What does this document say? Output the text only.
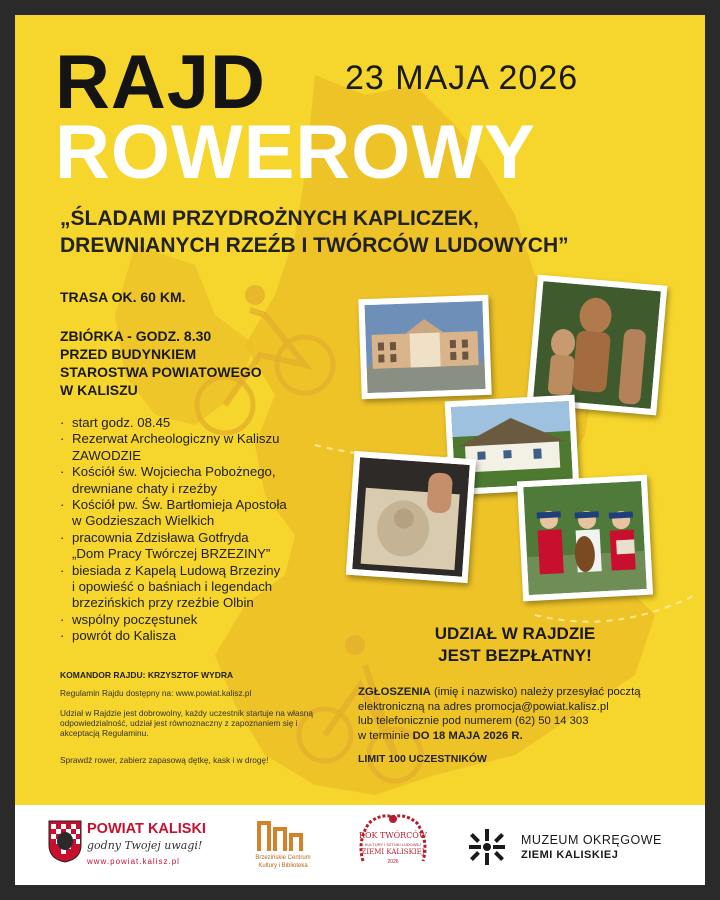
RAJD 23 MAJA 2026
ROWEROWY
„ŚLADAMI PRZYDROŻNYCH KAPLICZEK,
DREWNIANYCH RZEŹB I TWÓRCÓW LUDOWYCH”
TRASA OK. 60 KM.
ZBIÓRKA - GODZ. 8.30
PRZED BUDYNKIEM
STAROSTWA POWIATOWEGO
W KALISZU
· start godz. 08.45
· Rezerwat Archeologiczny w Kaliszu
ZAWODZIE
· Kościół św. Wojciecha Pobożnego,
drewniane chaty i rzeźby
· Kościół pw. Św. Bartłomieja Apostoła
w Godzieszach Wielkich
· pracownia Zdzisława Gotfryda
„Dom Pracy Twórczej BRZEZINY”
· biesiada z Kapelą Ludową Brzeziny
i opowieść o baśniach i legendach
brzezińskich przy rzeźbie Olbin
· wspólny poczęstunek
· powrót do Kalisza
KOMANDOR RAJDU: KRZYSZTOF WYDRA
Regulamin Rajdu dostępny na: www.powiat.kalisz.pl
Udział w Rajdzie jest dobrowolny, każdy uczestnik startuje na własną odpowiedzialność, udział jest równoznaczny z zapoznaniem się i akceptacją Regulaminu.
Sprawdź rower, zabierz zapasową dętkę, kask i w drogę!
UDZIAŁ W RAJDZIE
JEST BEZPŁATNY!
ZGŁOSZENIA (imię i nazwisko) należy przesyłać pocztą
elektroniczną na adres promocja@powiat.kalisz.pl
lub telefonicznie pod numerem (62) 50 14 303
w terminie DO 18 MAJA 2026 R.
LIMIT 100 UCZESTNIKÓW
POWIAT KALISKI
godny Twojej uwagi!
www.powiat.kalisz.pl	Brzezińskie Centrum
Kultury i Biblioteka
ROK TWÓRCÓW
KULTURY I SZTUKI LUDOWEJ
ZIEMI KALISKIEJ
2026
MUZEUM OKRĘGOWE
ZIEMI KALISKIEJ
